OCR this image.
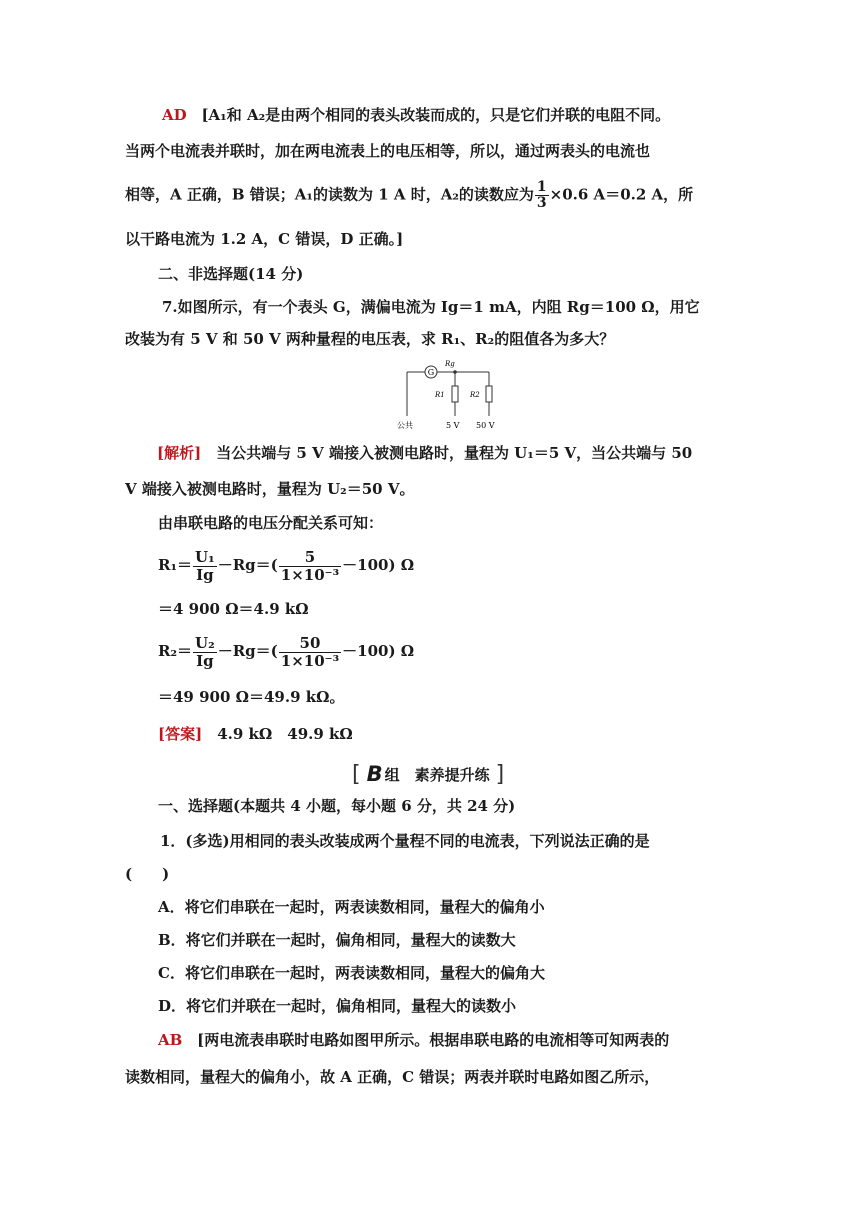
AD [A₁和 A₂是由两个相同的表头改装而成的，只是它们并联的电阻不同。
当两个电流表并联时，加在两电流表上的电压相等，所以，通过两表头的电流也
相等，A 正确，B 错误；A₁的读数为 1 A 时，A₂的读数应为 $\frac{1}{3} \times 0.6$ A＝0.2 A，所
以干路电流为 1.2 A，C 错误，D 正确。]
二、非选择题(14 分)
7.如图所示，有一个表头 G，满偏电流为 Ig＝1 mA，内阻 Rg＝100 Ω，用它
改装为有 5 V 和 50 V 两种量程的电压表，求 R₁、R₂的阻值各为多大？
G
Rg
R1	R2
公共	5 V 50 V
[解析]　当公共端与 5 V 端接入被测电路时，量程为 U₁＝5 V，当公共端与 50
V 端接入被测电路时，量程为 U₂＝50 V。
由串联电路的电压分配关系可知：
$R_1= \frac{\text{U₁}}{Ig} -Rg=( \frac{5}{\text{1×10⁻³}} -100)$ Ω
＝4 900 Ω＝4.9 kΩ
$R_2= \frac{\text{U₂}}{Ig} -Rg=( \frac{50}{\text{1×10⁻³}} -100)$ Ω
＝49 900 Ω＝49.9 kΩ。
[答案]　4.9 kΩ　49.9 kΩ
[ B 组　素养提升练 ]
一、选择题(本题共 4 小题，每小题 6 分，共 24 分)
1．(多选)用相同的表头改装成两个量程不同的电流表，下列说法正确的是
(　　)
A．将它们串联在一起时，两表读数相同，量程大的偏角小
B．将它们并联在一起时，偏角相同，量程大的读数大
C．将它们串联在一起时，两表读数相同，量程大的偏角大
D．将它们并联在一起时，偏角相同，量程大的读数小
AB [两电流表串联时电路如图甲所示。根据串联电路的电流相等可知两表的
读数相同，量程大的偏角小，故 A 正确，C 错误；两表并联时电路如图乙所示，
